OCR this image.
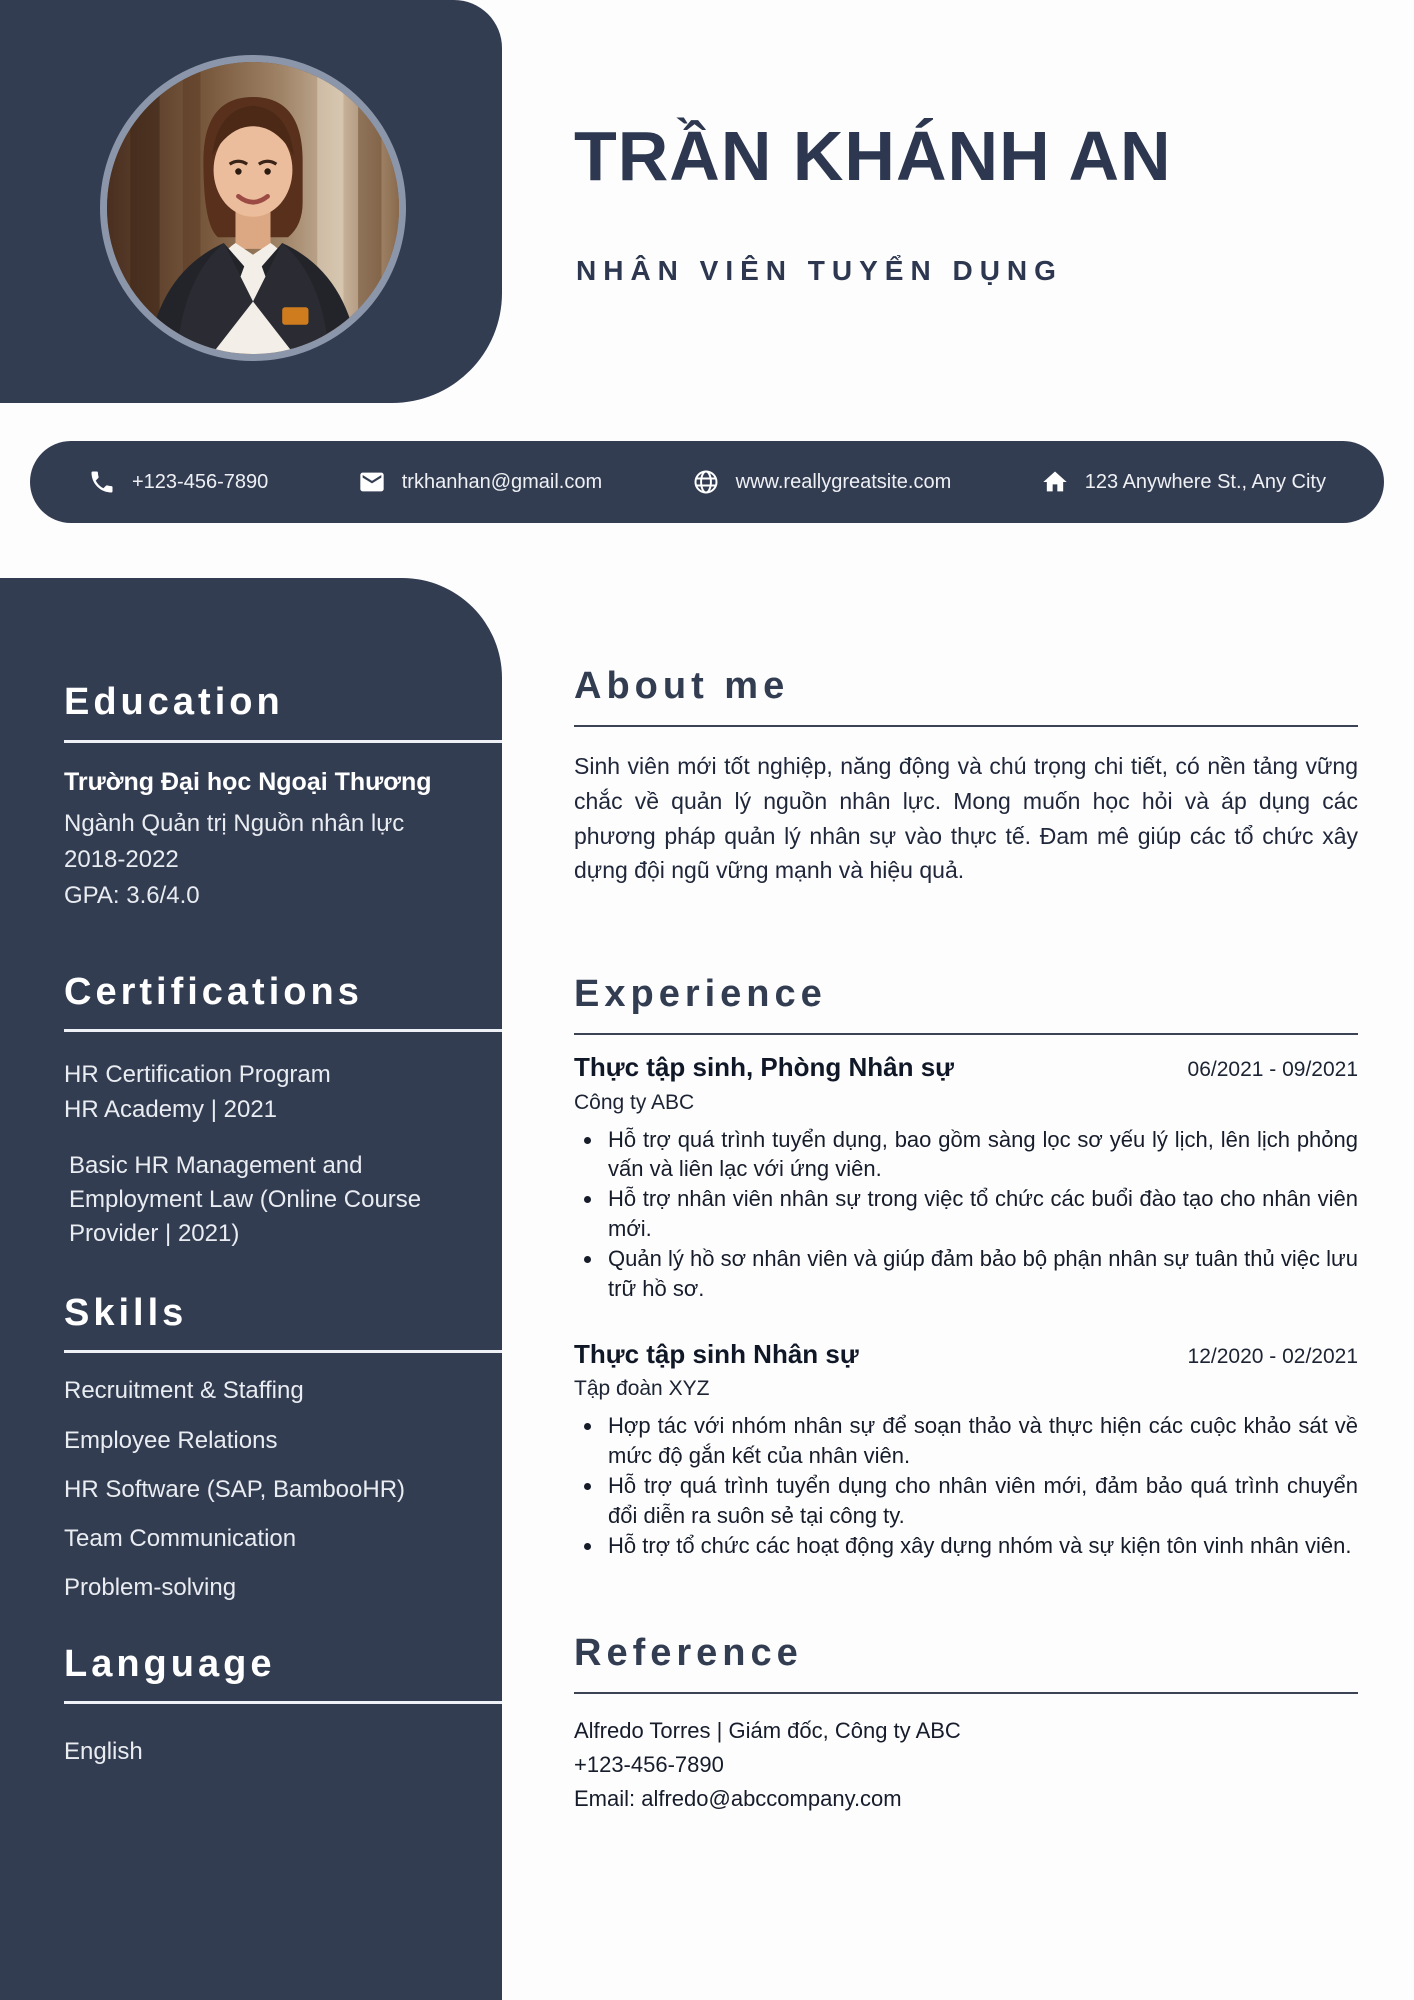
TRẦN KHÁNH AN
NHÂN VIÊN TUYỂN DỤNG
+123-456-7890	trkhanhan@gmail.com	www.reallygreatsite.com	123 Anywhere St., Any City
Education
Trường Đại học Ngoại Thương
Ngành Quản trị Nguồn nhân lực
2018-2022
GPA: 3.6/4.0
Certifications
HR Certification Program
HR Academy | 2021
Basic HR Management and Employment Law (Online Course Provider | 2021)
Skills
Recruitment & Staffing
Employee Relations
HR Software (SAP, BambooHR)
Team Communication
Problem-solving
Language
English
About me
Sinh viên mới tốt nghiệp, năng động và chú trọng chi tiết, có nền tảng vững chắc về quản lý nguồn nhân lực. Mong muốn học hỏi và áp dụng các phương pháp quản lý nhân sự vào thực tế. Đam mê giúp các tổ chức xây dựng đội ngũ vững mạnh và hiệu quả.
Experience
Thực tập sinh, Phòng Nhân sự	06/2021 - 09/2021
Công ty ABC
• Hỗ trợ quá trình tuyển dụng, bao gồm sàng lọc sơ yếu lý lịch, lên lịch phỏng vấn và liên lạc với ứng viên.
• Hỗ trợ nhân viên nhân sự trong việc tổ chức các buổi đào tạo cho nhân viên mới.
• Quản lý hồ sơ nhân viên và giúp đảm bảo bộ phận nhân sự tuân thủ việc lưu trữ hồ sơ.
Thực tập sinh Nhân sự	12/2020 - 02/2021
Tập đoàn XYZ
• Hợp tác với nhóm nhân sự để soạn thảo và thực hiện các cuộc khảo sát về mức độ gắn kết của nhân viên.
• Hỗ trợ quá trình tuyển dụng cho nhân viên mới, đảm bảo quá trình chuyển đổi diễn ra suôn sẻ tại công ty.
• Hỗ trợ tổ chức các hoạt động xây dựng nhóm và sự kiện tôn vinh nhân viên.
Reference
Alfredo Torres | Giám đốc, Công ty ABC
+123-456-7890
Email: alfredo@abccompany.com
